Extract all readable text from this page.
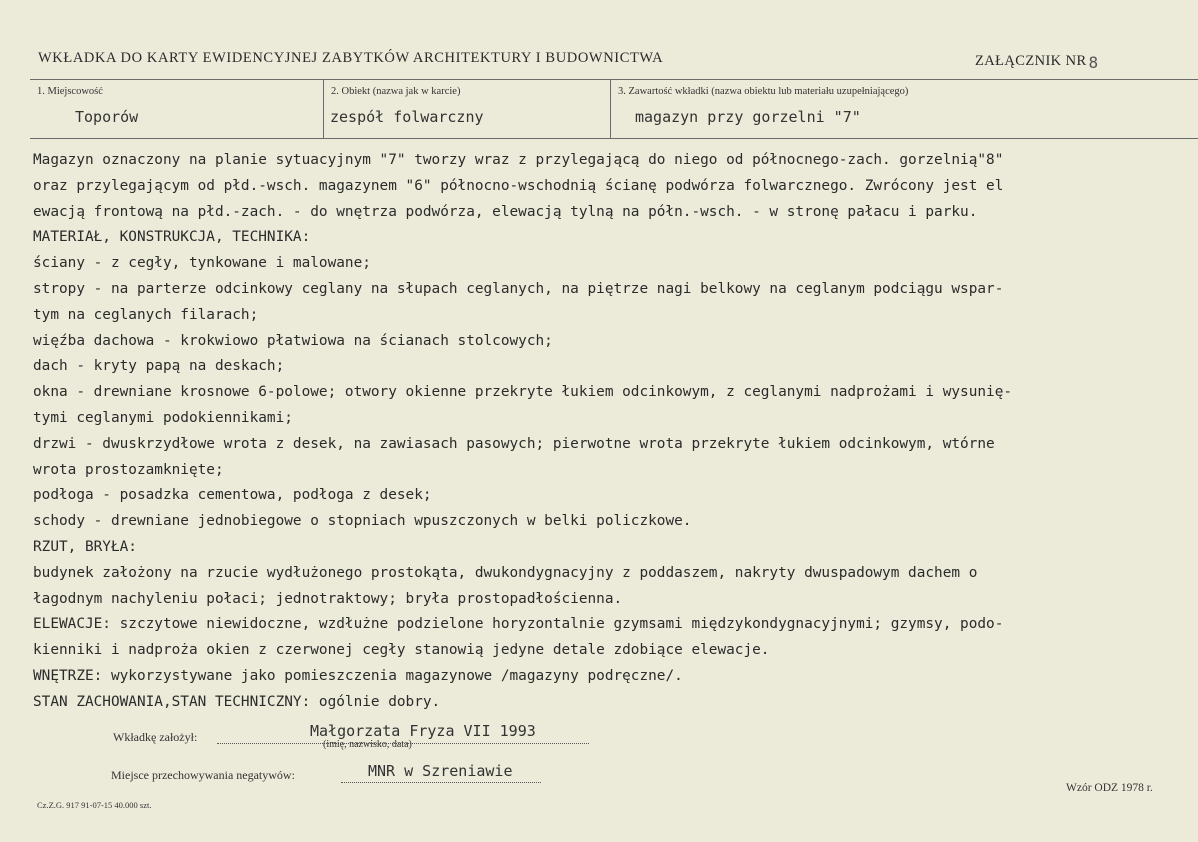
WKŁADKA DO KARTY EWIDENCYJNEJ ZABYTKÓW ARCHITEKTURY I BUDOWNICTWA	ZAŁĄCZNIK NR 8
1. Miejscowość
Toporów
2. Obiekt (nazwa jak w karcie)
zespół folwarczny
3. Zawartość wkładki (nazwa obiektu lub materiału uzupełniającego)
magazyn przy gorzelni "7"
Magazyn oznaczony na planie sytuacyjnym "7" tworzy wraz z przylegającą do niego od północnego-zach. gorzelnią"8"
oraz przylegającym od płd.-wsch. magazynem "6" północno-wschodnią ścianę podwórza folwarcznego. Zwrócony jest el
ewacją frontową na płd.-zach. - do wnętrza podwórza, elewacją tylną na półn.-wsch. - w stronę pałacu i parku.
MATERIAŁ, KONSTRUKCJA, TECHNIKA:
ściany - z cegły, tynkowane i malowane;
stropy - na parterze odcinkowy ceglany na słupach ceglanych, na piętrze nagi belkowy na ceglanym podciągu wspar-
tym na ceglanych filarach;
więźba dachowa - krokwiowo płatwiowa na ścianach stolcowych;
dach - kryty papą na deskach;
okna - drewniane krosnowe 6-polowe; otwory okienne przekryte łukiem odcinkowym, z ceglanymi nadprożami i wysunię-
tymi ceglanymi podokiennikami;
drzwi - dwuskrzydłowe wrota z desek, na zawiasach pasowych; pierwotne wrota przekryte łukiem odcinkowym, wtórne
wrota prostozamknięte;
podłoga - posadzka cementowa, podłoga z desek;
schody - drewniane jednobiegowe o stopniach wpuszczonych w belki policzkowe.
RZUT, BRYŁA:
budynek założony na rzucie wydłużonego prostokąta, dwukondygnacyjny z poddaszem, nakryty dwuspadowym dachem o
łagodnym nachyleniu połaci; jednotraktowy; bryła prostopadłościenna.
ELEWACJE: szczytowe niewidoczne, wzdłużne podzielone horyzontalnie gzymsami międzykondygnacyjnymi; gzymsy, podo-
kienniki i nadproża okien z czerwonej cegły stanowią jedyne detale zdobiące elewacje.
WNĘTRZE: wykorzystywane jako pomieszczenia magazynowe /magazyny podręczne/.
STAN ZACHOWANIA,STAN TECHNICZNY: ogólnie dobry.
Wkładkę założył:	Małgorzata Fryza VII 1993
(imię, nazwisko, data)
Miejsce przechowywania negatywów:	MNR w Szreniawie
Cz.Z.G. 917 91-07-15 40.000 szt.
Wzór ODZ 1978 r.
